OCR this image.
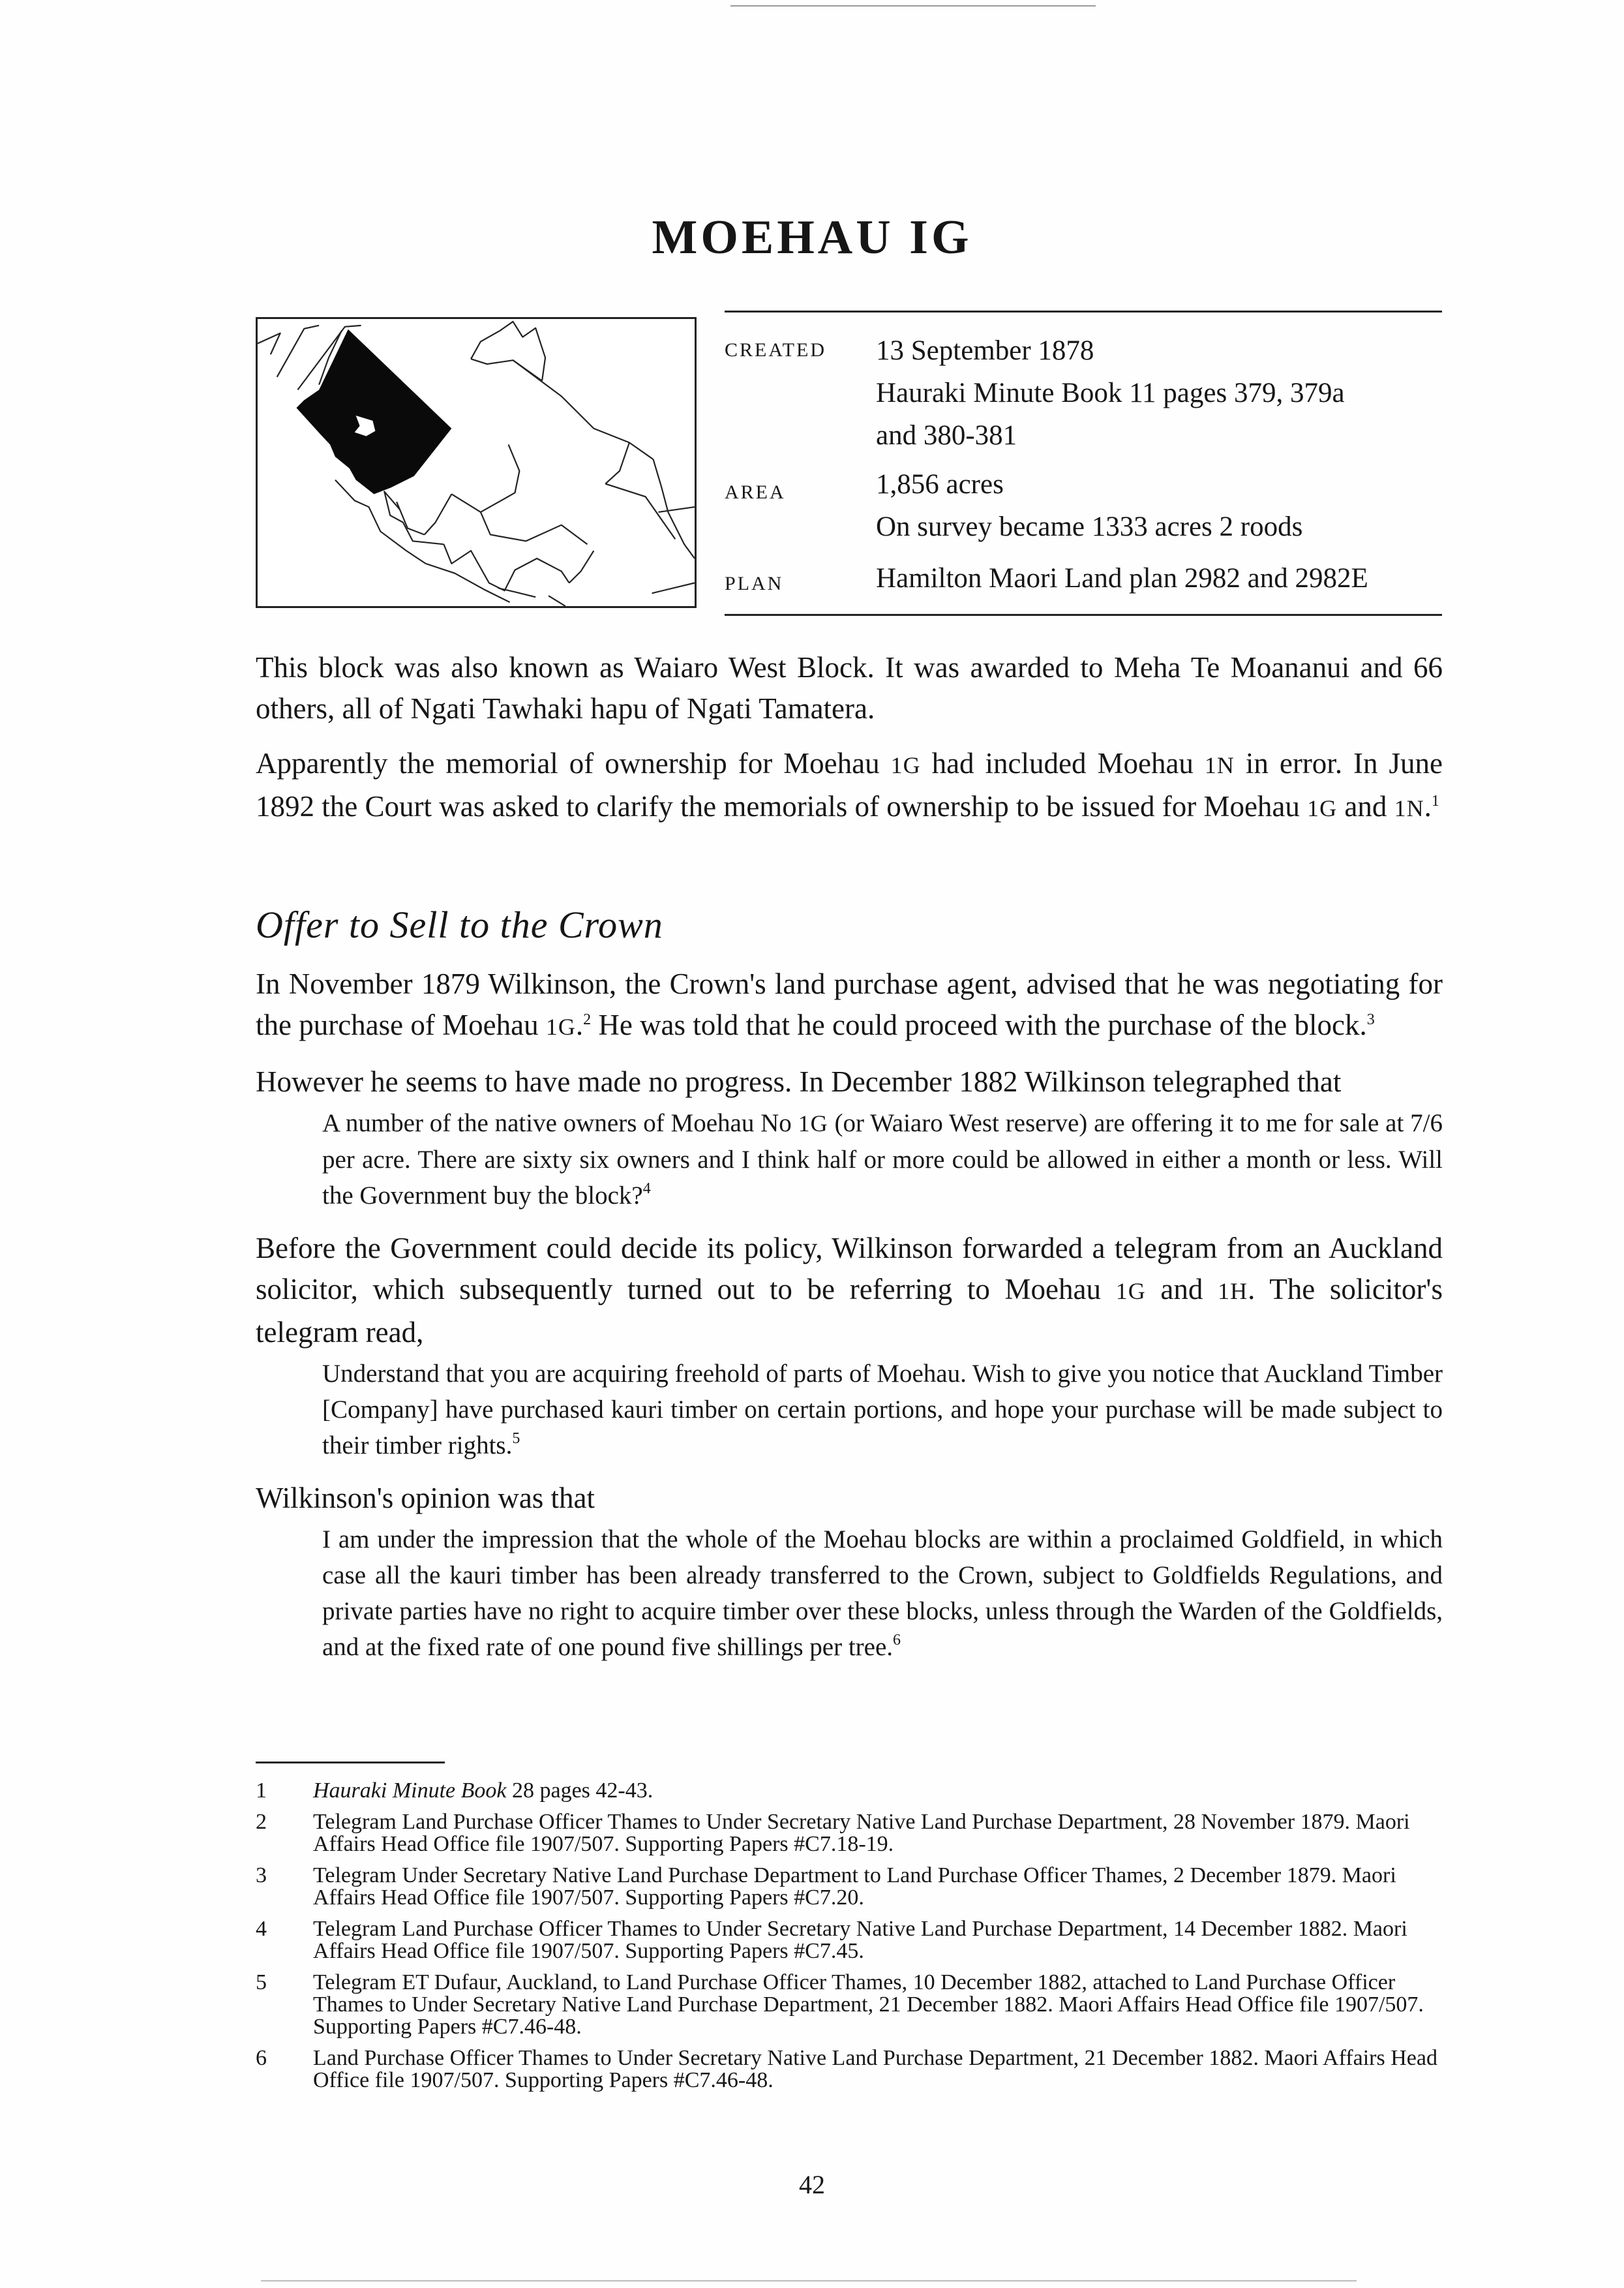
MOEHAU IG
CREATED	13 September 1878
Hauraki Minute Book 11 pages 379, 379a
and 380-381

AREA	1,856 acres
On survey became 1333 acres 2 roods

PLAN	Hamilton Maori Land plan 2982 and 2982E

This block was also known as Waiaro West Block. It was awarded to Meha Te Moananui and 66 others, all of Ngati Tawhaki hapu of Ngati Tamatera.

Apparently the memorial of ownership for Moehau 1G had included Moehau 1N in error. In June 1892 the Court was asked to clarify the memorials of ownership to be issued for Moehau 1G and 1N.$^1$

Offer to Sell to the Crown

In November 1879 Wilkinson, the Crown's land purchase agent, advised that he was negotiating for the purchase of Moehau 1G.$^2$ He was told that he could proceed with the purchase of the block.$^3$

However he seems to have made no progress. In December 1882 Wilkinson telegraphed that

A number of the native owners of Moehau No 1G (or Waiaro West reserve) are offering it to me for sale at 7/6 per acre. There are sixty six owners and I think half or more could be allowed in either a month or less. Will the Government buy the block?$^4$

Before the Government could decide its policy, Wilkinson forwarded a telegram from an Auckland solicitor, which subsequently turned out to be referring to Moehau 1G and 1H. The solicitor's telegram read,

Understand that you are acquiring freehold of parts of Moehau. Wish to give you notice that Auckland Timber [Company] have purchased kauri timber on certain portions, and hope your purchase will be made subject to their timber rights.$^5$

Wilkinson's opinion was that

I am under the impression that the whole of the Moehau blocks are within a proclaimed Goldfield, in which case all the kauri timber has been already transferred to the Crown, subject to Goldfields Regulations, and private parties have no right to acquire timber over these blocks, unless through the Warden of the Goldfields, and at the fixed rate of one pound five shillings per tree.$^6$

1	Hauraki Minute Book 28 pages 42-43.
2	Telegram Land Purchase Officer Thames to Under Secretary Native Land Purchase Department, 28 November 1879. Maori Affairs Head Office file 1907/507. Supporting Papers #C7.18-19.
3	Telegram Under Secretary Native Land Purchase Department to Land Purchase Officer Thames, 2 December 1879. Maori Affairs Head Office file 1907/507. Supporting Papers #C7.20.
4	Telegram Land Purchase Officer Thames to Under Secretary Native Land Purchase Department, 14 December 1882. Maori Affairs Head Office file 1907/507. Supporting Papers #C7.45.
5	Telegram ET Dufaur, Auckland, to Land Purchase Officer Thames, 10 December 1882, attached to Land Purchase Officer Thames to Under Secretary Native Land Purchase Department, 21 December 1882. Maori Affairs Head Office file 1907/507. Supporting Papers #C7.46-48.
6	Land Purchase Officer Thames to Under Secretary Native Land Purchase Department, 21 December 1882. Maori Affairs Head Office file 1907/507. Supporting Papers #C7.46-48.

42
